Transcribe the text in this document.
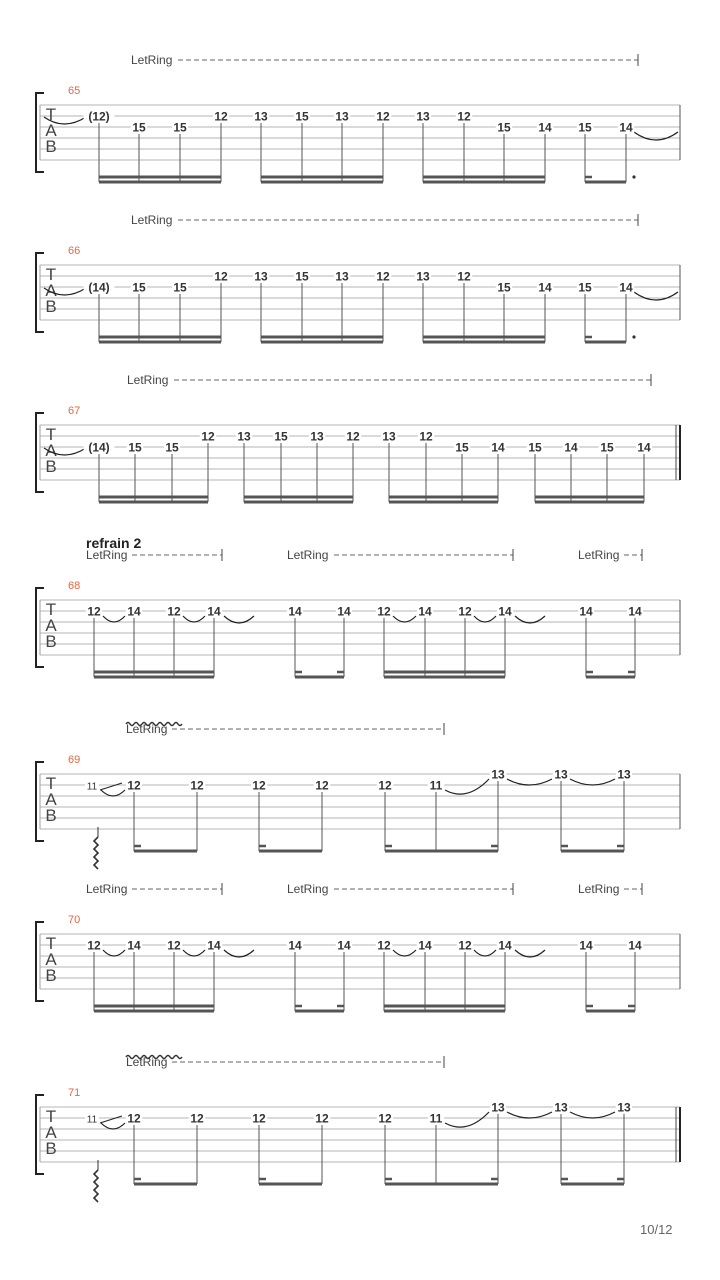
T
A
B
65
LetRing
(12)
15 15
12 13 15 13 12 13 12
15 14 15 14
T
A
B
66
LetRing
(14) 15 15
12 13 15 13 12 13 12
15 14 15 14
T
A
B
67
LetRing
(14) 15 15
12 13 15 13 12 13 12
15 14 15 14 15 14
refrain 2
T
A
B
68
LetRing	LetRing	LetRing
12 14 12 14	14	14 12 14 12 14	14	14
T
A
B
69
LetRing
11	12	12	12	12	12	11
13	13	13
T
A
B
70
LetRing	LetRing	LetRing
12 14 12 14	14	14 12 14 12 14	14	14
T
A
B
71
LetRing
11	12	12	12	12	12	11
13	13	13
10/12
